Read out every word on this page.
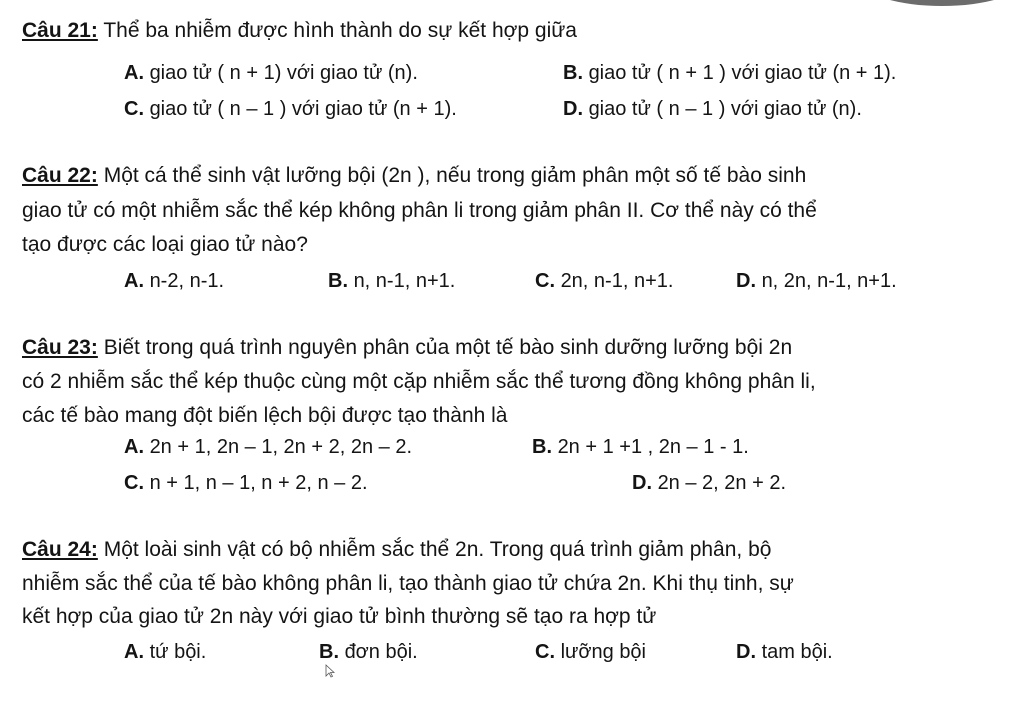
Câu 21: Thể ba nhiễm được hình thành do sự kết hợp giữa
A. giao tử ( n + 1) với giao tử (n).	B. giao tử ( n + 1 ) với giao tử (n + 1).
C. giao tử ( n – 1 ) với giao tử (n + 1).	D. giao tử ( n – 1 ) với giao tử (n).
Câu 22: Một cá thể sinh vật lưỡng bội (2n ), nếu trong giảm phân một số tế bào sinh
giao tử có một nhiễm sắc thể kép không phân li trong giảm phân II. Cơ thể này có thể
tạo được các loại giao tử nào?
A. n-2, n-1.	B. n, n-1, n+1.	C. 2n, n-1, n+1.	D. n, 2n, n-1, n+1.
Câu 23: Biết trong quá trình nguyên phân của một tế bào sinh dưỡng lưỡng bội 2n
có 2 nhiễm sắc thể kép thuộc cùng một cặp nhiễm sắc thể tương đồng không phân li,
các tế bào mang đột biến lệch bội được tạo thành là
A. 2n + 1, 2n – 1, 2n + 2, 2n – 2.	B. 2n + 1 +1 , 2n – 1 - 1.
C. n + 1, n – 1, n + 2, n – 2.	D. 2n – 2, 2n + 2.
Câu 24: Một loài sinh vật có bộ nhiễm sắc thể 2n. Trong quá trình giảm phân, bộ
nhiễm sắc thể của tế bào không phân li, tạo thành giao tử chứa 2n. Khi thụ tinh, sự
kết hợp của giao tử 2n này với giao tử bình thường sẽ tạo ra hợp tử
A. tứ bội.	B. đơn bội.	C. lưỡng bội	D. tam bội.
